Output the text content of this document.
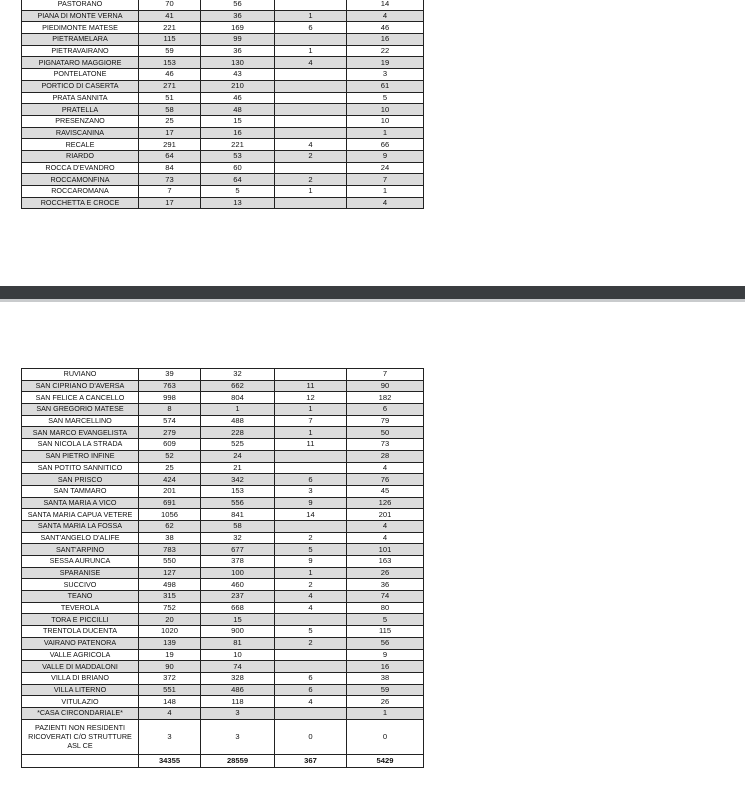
PASTORANO	70	56		14
PIANA DI MONTE VERNA	41	36	1	4
PIEDIMONTE MATESE	221	169	6	46
PIETRAMELARA	115	99		16
PIETRAVAIRANO	59	36	1	22
PIGNATARO MAGGIORE	153	130	4	19
PONTELATONE	46	43		3
PORTICO DI CASERTA	271	210		61
PRATA SANNITA	51	46		5
PRATELLA	58	48		10
PRESENZANO	25	15		10
RAVISCANINA	17	16		1
RECALE	291	221	4	66
RIARDO	64	53	2	9
ROCCA D'EVANDRO	84	60		24
ROCCAMONFINA	73	64	2	7
ROCCAROMANA	7	5	1	1
ROCCHETTA E CROCE	17	13		4
RUVIANO	39	32		7
SAN CIPRIANO D'AVERSA	763	662	11	90
SAN FELICE A CANCELLO	998	804	12	182
SAN GREGORIO MATESE	8	1	1	6
SAN MARCELLINO	574	488	7	79
SAN MARCO EVANGELISTA	279	228	1	50
SAN NICOLA LA STRADA	609	525	11	73
SAN PIETRO INFINE	52	24		28
SAN POTITO SANNITICO	25	21		4
SAN PRISCO	424	342	6	76
SAN TAMMARO	201	153	3	45
SANTA MARIA A VICO	691	556	9	126
SANTA MARIA CAPUA VETERE	1056	841	14	201
SANTA MARIA LA FOSSA	62	58		4
SANT'ANGELO D'ALIFE	38	32	2	4
SANT'ARPINO	783	677	5	101
SESSA AURUNCA	550	378	9	163
SPARANISE	127	100	1	26
SUCCIVO	498	460	2	36
TEANO	315	237	4	74
TEVEROLA	752	668	4	80
TORA E PICCILLI	20	15		5
TRENTOLA DUCENTA	1020	900	5	115
VAIRANO PATENORA	139	81	2	56
VALLE AGRICOLA	19	10		9
VALLE DI MADDALONI	90	74		16
VILLA DI BRIANO	372	328	6	38
VILLA LITERNO	551	486	6	59
VITULAZIO	148	118	4	26
*CASA CIRCONDARIALE*	4	3		1
PAZIENTI NON RESIDENTI RICOVERATI C/O STRUTTURE ASL CE	3	3	0	0
	34355	28559	367	5429
